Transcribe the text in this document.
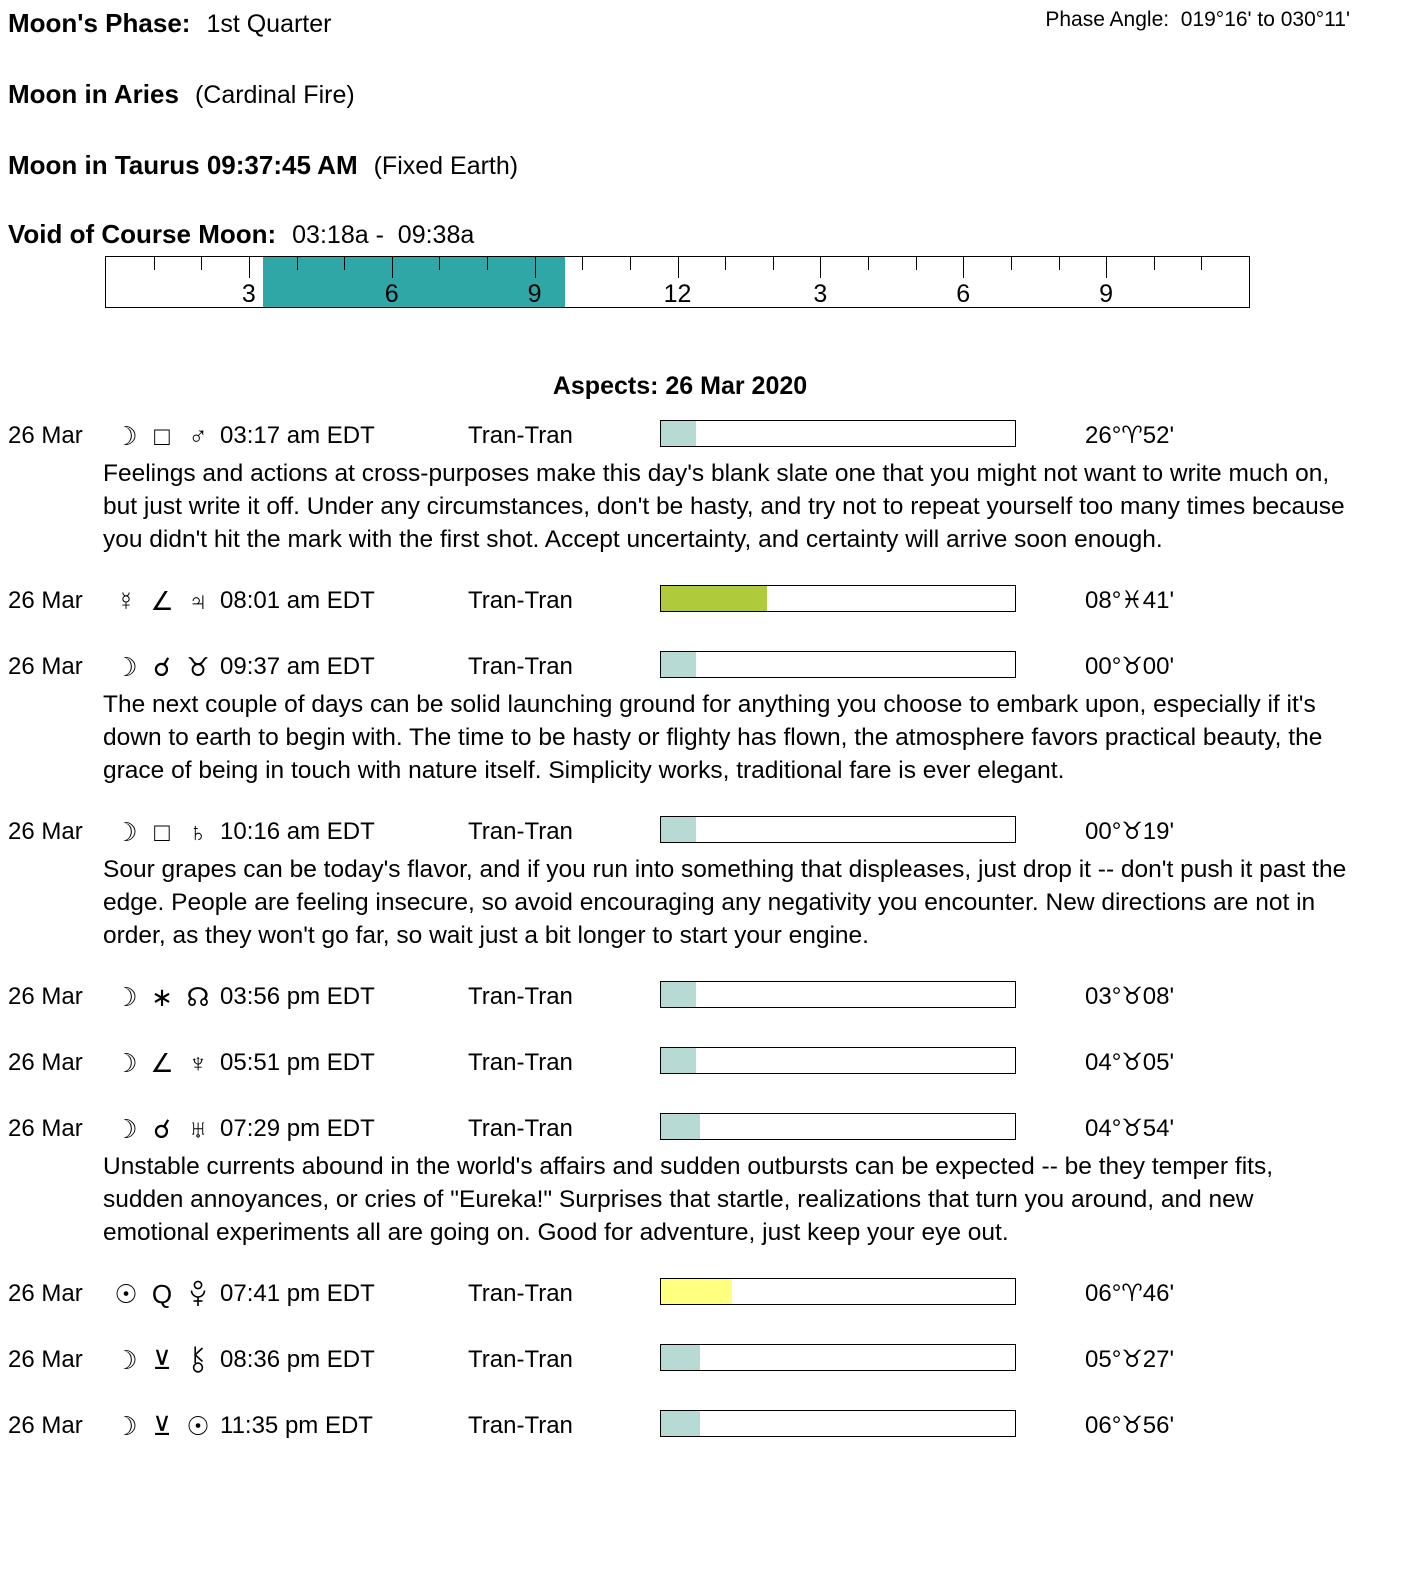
Moon's Phase: 1st Quarter	Phase Angle: 019°16' to 030°11'
Moon in Aries (Cardinal Fire)
Moon in Taurus 09:37:45 AM (Fixed Earth)
Void of Course Moon: 03:18a -  09:38a
3	6	9	12	3	6	9
Aspects: 26 Mar 2020
26 Mar ☽ □ ♂ 03:17 am EDT	Tran-Tran	26°♈52'
Feelings and actions at cross-purposes make this day's blank slate one that you might not want to write much on, but just write it off. Under any circumstances, don't be hasty, and try not to repeat yourself too many times because you didn't hit the mark with the first shot. Accept uncertainty, and certainty will arrive soon enough.
26 Mar ☿ ∠ ♃ 08:01 am EDT	Tran-Tran	08°♓41'
26 Mar ☽ ☌ ♉ 09:37 am EDT	Tran-Tran	00°♉00'
The next couple of days can be solid launching ground for anything you choose to embark upon, especially if it's down to earth to begin with. The time to be hasty or flighty has flown, the atmosphere favors practical beauty, the grace of being in touch with nature itself. Simplicity works, traditional fare is ever elegant.
26 Mar ☽ □ ♄ 10:16 am EDT	Tran-Tran	00°♉19'
Sour grapes can be today's flavor, and if you run into something that displeases, just drop it -- don't push it past the edge. People are feeling insecure, so avoid encouraging any negativity you encounter. New directions are not in order, as they won't go far, so wait just a bit longer to start your engine.
26 Mar ☽ ∗ ☊ 03:56 pm EDT	Tran-Tran	03°♉08'
26 Mar ☽ ∠ ♆ 05:51 pm EDT	Tran-Tran	04°♉05'
26 Mar ☽ ☌ ♅ 07:29 pm EDT	Tran-Tran	04°♉54'
Unstable currents abound in the world's affairs and sudden outbursts can be expected -- be they temper fits, sudden annoyances, or cries of "Eureka!" Surprises that startle, realizations that turn you around, and new emotional experiments all are going on. Good for adventure, just keep your eye out.
26 Mar ☉ Q 07:41 pm EDT	Tran-Tran	06°♈46'
26 Mar ☽ ⊻ 08:36 pm EDT	Tran-Tran	05°♉27'
26 Mar ☽ ⊻ ☉ 11:35 pm EDT	Tran-Tran	06°♉56'
